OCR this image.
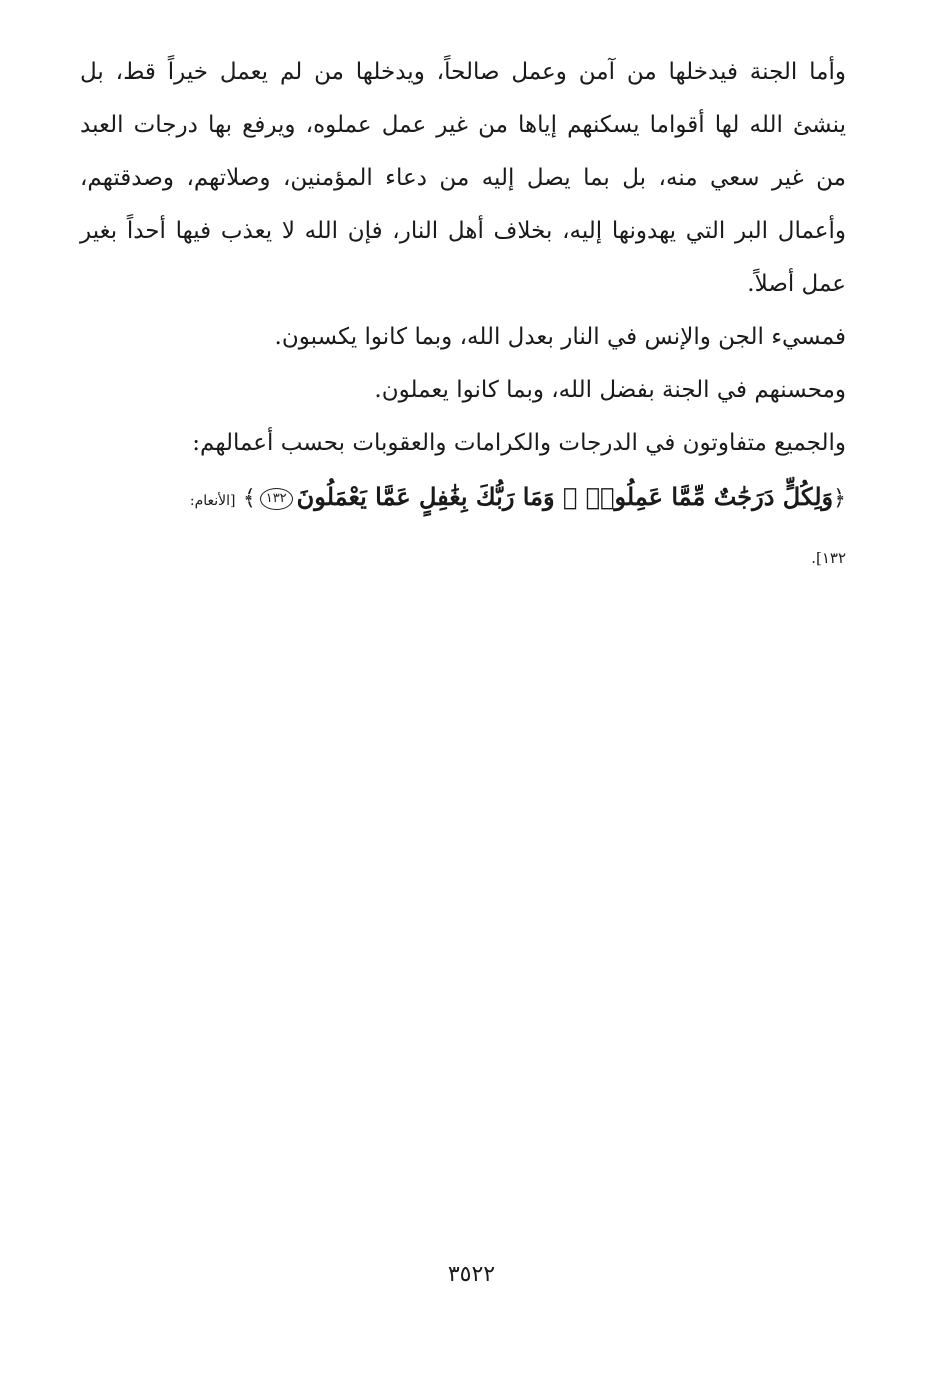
وأما الجنة فيدخلها من آمن وعمل صالحاً، ويدخلها من لم يعمل خيراً قط، بل ينشئ الله لها أقواما يسكنهم إياها من غير عمل عملوه، ويرفع بها درجات العبد من غير سعي منه، بل بما يصل إليه من دعاء المؤمنين، وصلاتهم، وصدقتهم، وأعمال البر التي يهدونها إليه، بخلاف أهل النار، فإن الله لا يعذب فيها أحداً بغير عمل أصلاً.

فمسيء الجن والإنس في النار بعدل الله، وبما كانوا يكسبون.

ومحسنهم في الجنة بفضل الله، وبما كانوا يعملون.

والجميع متفاوتون في الدرجات والكرامات والعقوبات بحسب أعمالهم:

﴿وَلِكُلٍّ دَرَجَٰتٌ مِّمَّا عَمِلُوا۟ ۚ وَمَا رَبُّكَ بِغَٰفِلٍ عَمَّا يَعْمَلُونَ١٣٢﴾ [الأنعام:

١٣٢].

٣٥٢٢
